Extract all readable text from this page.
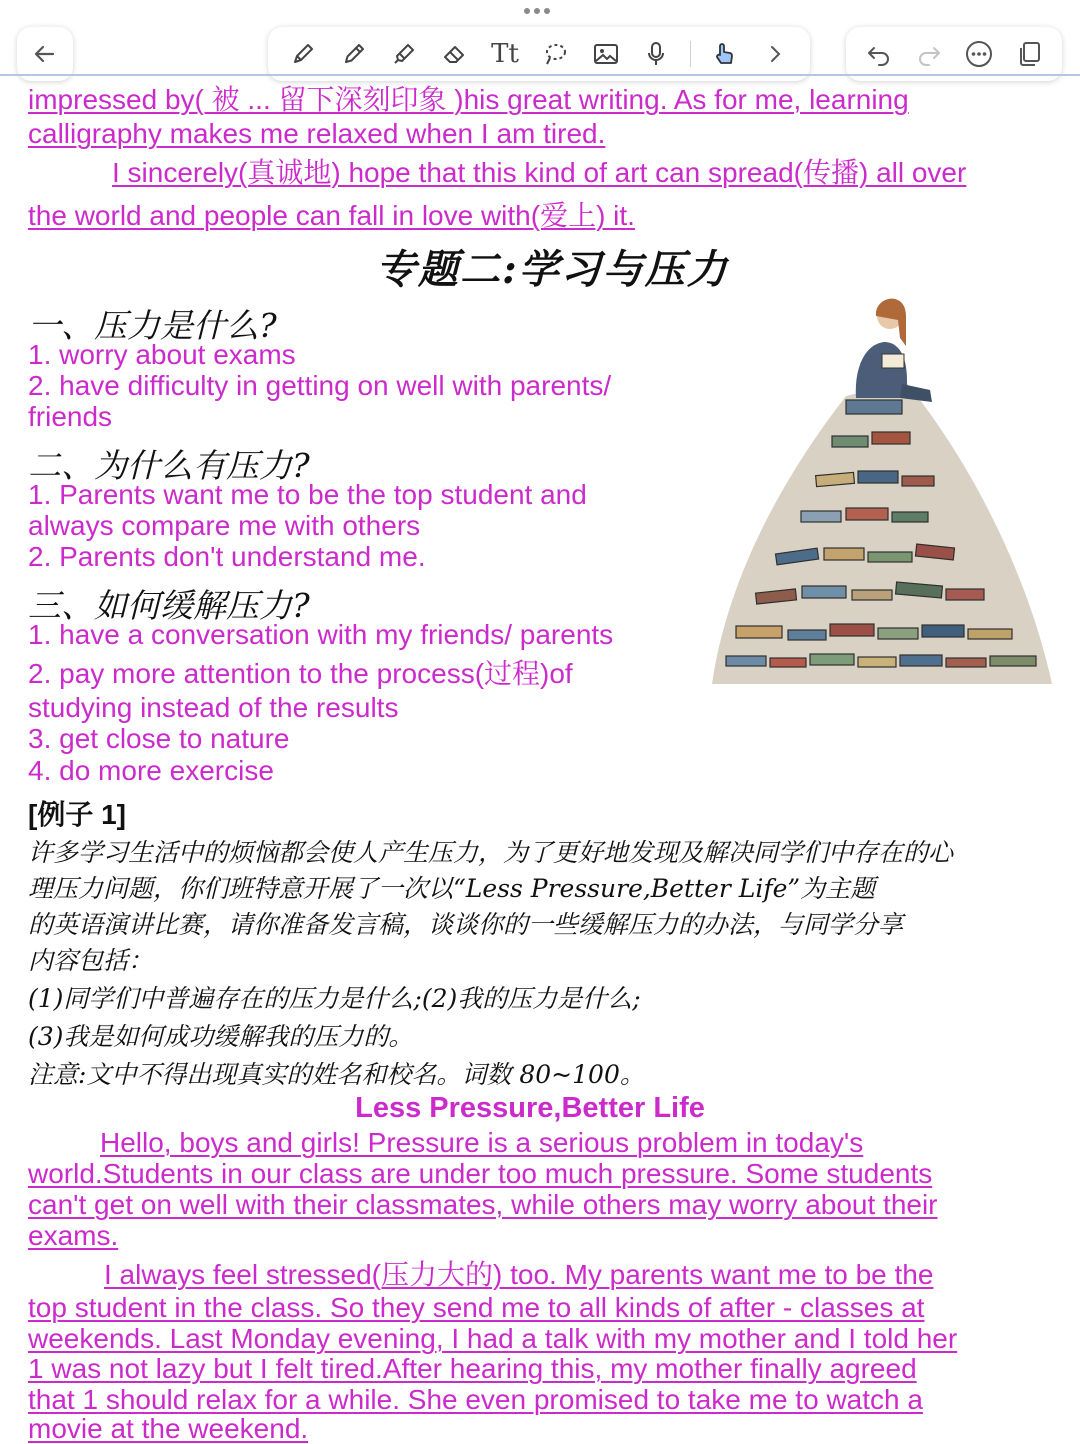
Tt
impressed by( 被 ... 留下深刻印象 )his great writing. As for me, learning
calligraphy makes me relaxed when I am tired.
I sincerely(真诚地) hope that this kind of art can spread(传播) all over
the world and people can fall in love with(爱上) it.
专题二:学习与压力
一、压力是什么?
1. worry about exams
2. have difficulty in getting on well with parents/
friends
二、为什么有压力?
1. Parents want me to be the top student and
always compare me with others
2. Parents don't understand me.
三、如何缓解压力?
1. have a conversation with my friends/ parents
2. pay more attention to the process(过程)of
studying instead of the results
3. get close to nature
4. do more exercise
[例子 1]
许多学习生活中的烦恼都会使人产生压力，为了更好地发现及解决同学们中存在的心
理压力问题，你们班特意开展了一次以“Less Pressure,Better Life”为主题
的英语演讲比赛，请你准备发言稿，谈谈你的一些缓解压力的办法，与同学分享
内容包括：
(1)同学们中普遍存在的压力是什么;(2)我的压力是什么;
(3)我是如何成功缓解我的压力的。
注意:文中不得出现真实的姓名和校名。词数 80~100。
Less Pressure,Better Life
Hello, boys and girls! Pressure is a serious problem in today's
world.Students in our class are under too much pressure. Some students
can't get on well with their classmates, while others may worry about their
exams.
I always feel stressed(压力大的) too. My parents want me to be the
top student in the class. So they send me to all kinds of after - classes at
weekends. Last Monday evening, I had a talk with my mother and I told her
1 was not lazy but I felt tired.After hearing this, my mother finally agreed
that 1 should relax for a while. She even promised to take me to watch a
movie at the weekend.
